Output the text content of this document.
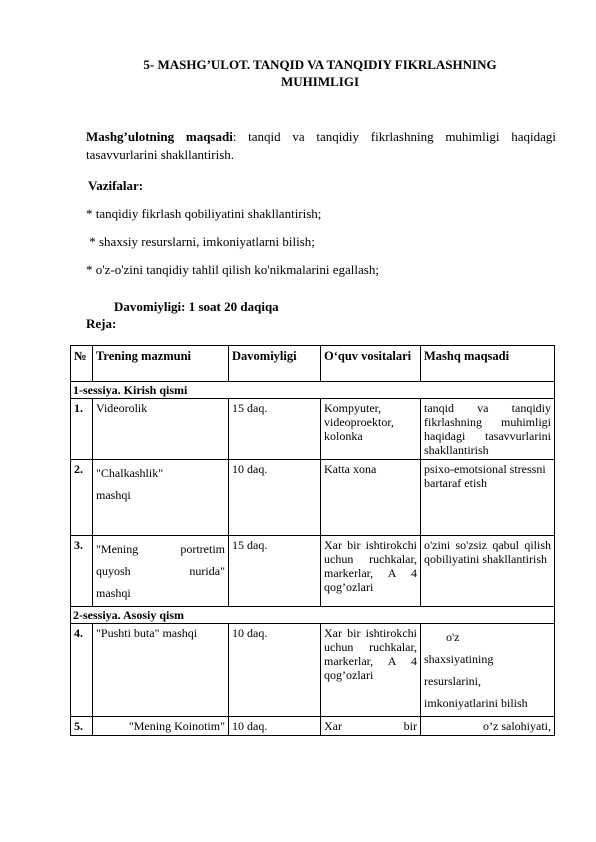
5- MASHG’ULOT. TANQID VA TANQIDIY FIKRLASHNING
MUHIMLIGI
Mashg’ulotning maqsadi: tanqid va tanqidiy fikrlashning muhimligi haqidagi tasavvurlarini shakllantirish.
Vazifalar:
* tanqidiy fikrlash qobiliyatini shakllantirish;
* shaxsiy resurslarni, imkoniyatlarni bilish;
* o'z-o'zini tanqidiy tahlil qilish ko'nikmalarini egallash;
Davomiyligi: 1 soat 20 daqiqa
Reja:
№	Trening mazmuni	Davomiyligi	O‘quv vositalari	Mashq maqsadi
1-sessiya. Kirish qismi				
1.	Videorolik	15 daq.	Kompyuter, videoproektor, kolonka	tanqid va tanqidiy fikrlashning muhimligi haqidagi tasavvurlarini shakllantirish
2.	"Chalkashlik"
mashqi	10 daq.	Katta xona	psixo-emotsional stressni bartaraf etish
3.	"Mening portretim
quyosh nurida"
mashqi	15 daq.	Xar bir ishtirokchi uchun ruchkalar, markerlar, A 4 qog’ozlari	o'zini so'zsiz qabul qilish qobiliyatini shakllantirish
2-sessiya. Asosiy qism				
4.	"Pushti buta" mashqi	10 daq.	Xar bir ishtirokchi uchun ruchkalar, markerlar, A 4 qog’ozlari	o'z
shaxsiyatining
resurslarini,
imkoniyatlarini bilish

5.	"Mening Koinotim"	10 daq.	Xar bir	o’z salohiyati,
